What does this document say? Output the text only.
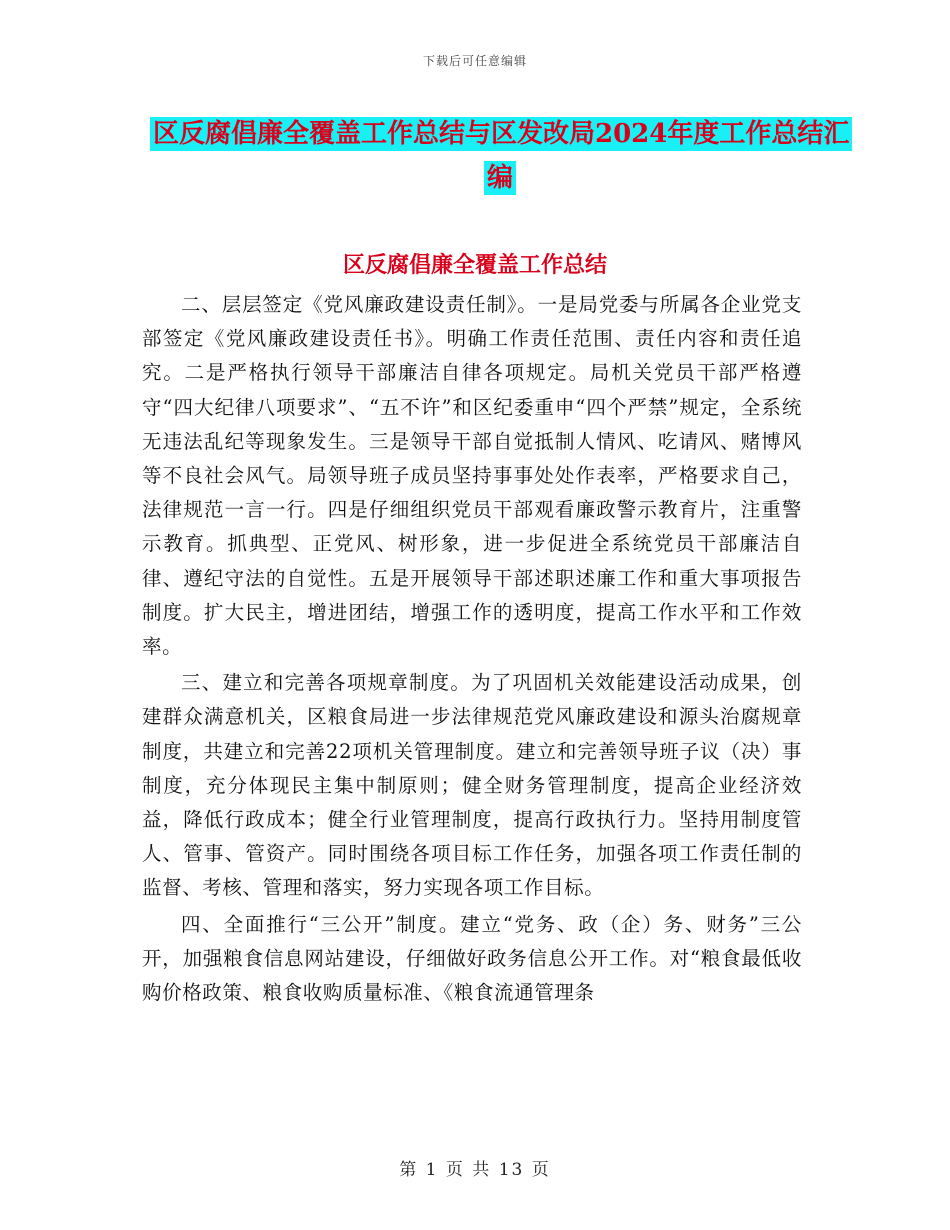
下载后可任意编辑
区反腐倡廉全覆盖工作总结与区发改局2024年度工作总结汇编
区反腐倡廉全覆盖工作总结

二、层层签定《党风廉政建设责任制》。一是局党委与所属各企业党支部签定《党风廉政建设责任书》。明确工作责任范围、责任内容和责任追究。二是严格执行领导干部廉洁自律各项规定。局机关党员干部严格遵守“四大纪律八项要求”、“五不许”和区纪委重申“四个严禁”规定，全系统无违法乱纪等现象发生。三是领导干部自觉抵制人情风、吃请风、赌博风等不良社会风气。局领导班子成员坚持事事处处作表率，严格要求自己，法律规范一言一行。四是仔细组织党员干部观看廉政警示教育片，注重警示教育。抓典型、正党风、树形象，进一步促进全系统党员干部廉洁自律、遵纪守法的自觉性。五是开展领导干部述职述廉工作和重大事项报告制度。扩大民主，增进团结，增强工作的透明度，提高工作水平和工作效率。

三、建立和完善各项规章制度。为了巩固机关效能建设活动成果，创建群众满意机关，区粮食局进一步法律规范党风廉政建设和源头治腐规章制度，共建立和完善22项机关管理制度。建立和完善领导班子议（决）事制度，充分体现民主集中制原则；健全财务管理制度，提高企业经济效益，降低行政成本；健全行业管理制度，提高行政执行力。坚持用制度管人、管事、管资产。同时围绕各项目标工作任务，加强各项工作责任制的监督、考核、管理和落实，努力实现各项工作目标。

四、全面推行“三公开”制度。建立“党务、政（企）务、财务”三公开，加强粮食信息网站建设，仔细做好政务信息公开工作。对“粮食最低收购价格政策、粮食收购质量标准、《粮食流通管理条

第 1 页 共 13 页
